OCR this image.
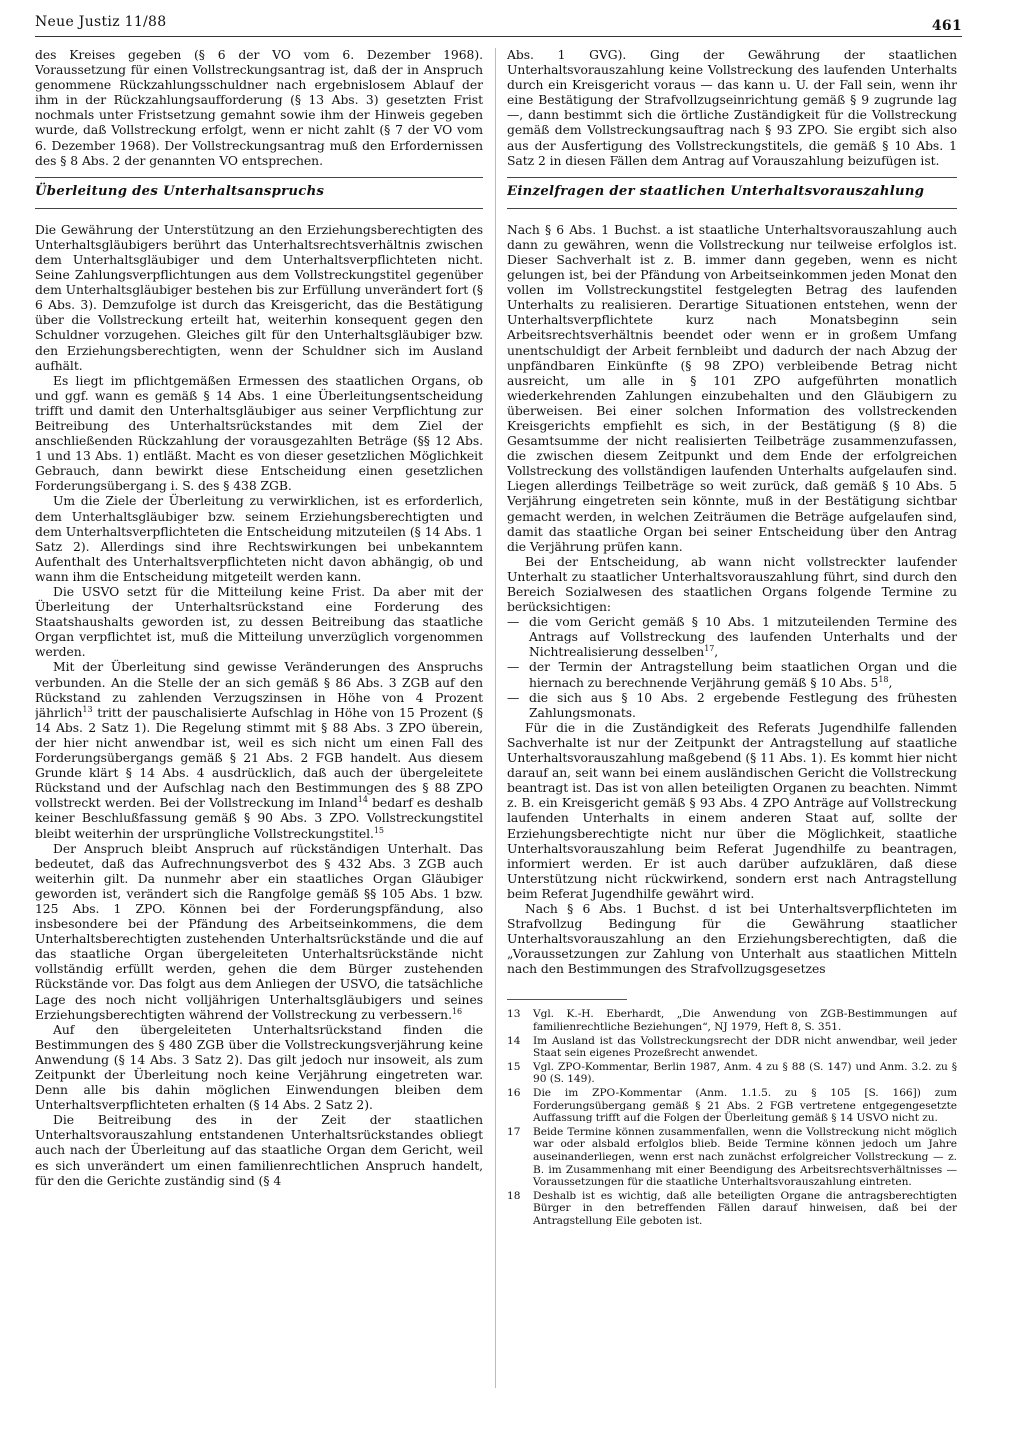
Neue Justiz 11/88	461

des Kreises gegeben (§ 6 der VO vom 6. Dezember 1968). Voraussetzung für einen Vollstreckungsantrag ist, daß der in Anspruch genommene Rückzahlungsschuldner nach ergebnislosem Ablauf der ihm in der Rückzahlungsaufforderung (§ 13 Abs. 3) gesetzten Frist nochmals unter Fristsetzung gemahnt sowie ihm der Hinweis gegeben wurde, daß Vollstreckung erfolgt, wenn er nicht zahlt (§ 7 der VO vom 6. Dezember 1968). Der Vollstreckungsantrag muß den Erfordernissen des § 8 Abs. 2 der genannten VO entsprechen.

Überleitung des Unterhaltsanspruchs

Die Gewährung der Unterstützung an den Erziehungsberechtigten des Unterhaltsgläubigers berührt das Unterhaltsrechtsverhältnis zwischen dem Unterhaltsgläubiger und dem Unterhaltsverpflichteten nicht. Seine Zahlungsverpflichtungen aus dem Vollstreckungstitel gegenüber dem Unterhaltsgläubiger bestehen bis zur Erfüllung unverändert fort (§ 6 Abs. 3). Demzufolge ist durch das Kreisgericht, das die Bestätigung über die Vollstreckung erteilt hat, weiterhin konsequent gegen den Schuldner vorzugehen. Gleiches gilt für den Unterhaltsgläubiger bzw. den Erziehungsberechtigten, wenn der Schuldner sich im Ausland aufhält.

Es liegt im pflichtgemäßen Ermessen des staatlichen Organs, ob und ggf. wann es gemäß § 14 Abs. 1 eine Überleitungsentscheidung trifft und damit den Unterhaltsgläubiger aus seiner Verpflichtung zur Beitreibung des Unterhaltsrückstandes mit dem Ziel der anschließenden Rückzahlung der vorausgezahlten Beträge (§§ 12 Abs. 1 und 13 Abs. 1) entläßt. Macht es von dieser gesetzlichen Möglichkeit Gebrauch, dann bewirkt diese Entscheidung einen gesetzlichen Forderungsübergang i. S. des § 438 ZGB.

Um die Ziele der Überleitung zu verwirklichen, ist es erforderlich, dem Unterhaltsgläubiger bzw. seinem Erziehungsberechtigten und dem Unterhaltsverpflichteten die Entscheidung mitzuteilen (§ 14 Abs. 1 Satz 2). Allerdings sind ihre Rechtswirkungen bei unbekanntem Aufenthalt des Unterhaltsverpflichteten nicht davon abhängig, ob und wann ihm die Entscheidung mitgeteilt werden kann.

Die USVO setzt für die Mitteilung keine Frist. Da aber mit der Überleitung der Unterhaltsrückstand eine Forderung des Staatshaushalts geworden ist, zu dessen Beitreibung das staatliche Organ verpflichtet ist, muß die Mitteilung unverzüglich vorgenommen werden.

Mit der Überleitung sind gewisse Veränderungen des Anspruchs verbunden. An die Stelle der an sich gemäß § 86 Abs. 3 ZGB auf den Rückstand zu zahlenden Verzugszinsen in Höhe von 4 Prozent jährlich$^{13}$ tritt der pauschalisierte Aufschlag in Höhe von 15 Prozent (§ 14 Abs. 2 Satz 1). Die Regelung stimmt mit § 88 Abs. 3 ZPO überein, der hier nicht anwendbar ist, weil es sich nicht um einen Fall des Forderungsübergangs gemäß § 21 Abs. 2 FGB handelt. Aus diesem Grunde klärt § 14 Abs. 4 ausdrücklich, daß auch der übergeleitete Rückstand und der Aufschlag nach den Bestimmungen des § 88 ZPO vollstreckt werden. Bei der Vollstreckung im Inland$^{14}$ bedarf es deshalb keiner Beschlußfassung gemäß § 90 Abs. 3 ZPO. Vollstreckungstitel bleibt weiterhin der ursprüngliche Vollstreckungstitel.$^{15}$

Der Anspruch bleibt Anspruch auf rückständigen Unterhalt. Das bedeutet, daß das Aufrechnungsverbot des § 432 Abs. 3 ZGB auch weiterhin gilt. Da nunmehr aber ein staatliches Organ Gläubiger geworden ist, verändert sich die Rangfolge gemäß §§ 105 Abs. 1 bzw. 125 Abs. 1 ZPO. Können bei der Forderungspfändung, also insbesondere bei der Pfändung des Arbeitseinkommens, die dem Unterhaltsberechtigten zustehenden Unterhaltsrückstände und die auf das staatliche Organ übergeleiteten Unterhaltsrückstände nicht vollständig erfüllt werden, gehen die dem Bürger zustehenden Rückstände vor. Das folgt aus dem Anliegen der USVO, die tatsächliche Lage des noch nicht volljährigen Unterhaltsgläubigers und seines Erziehungsberechtigten während der Vollstreckung zu verbessern.$^{16}$

Auf den übergeleiteten Unterhaltsrückstand finden die Bestimmungen des § 480 ZGB über die Vollstreckungsverjährung keine Anwendung (§ 14 Abs. 3 Satz 2). Das gilt jedoch nur insoweit, als zum Zeitpunkt der Überleitung noch keine Verjährung eingetreten war. Denn alle bis dahin möglichen Einwendungen bleiben dem Unterhaltsverpflichteten erhalten (§ 14 Abs. 2 Satz 2).

Die Beitreibung des in der Zeit der staatlichen Unterhaltsvorauszahlung entstandenen Unterhaltsrückstandes obliegt auch nach der Überleitung auf das staatliche Organ dem Gericht, weil es sich unverändert um einen familienrechtlichen Anspruch handelt, für den die Gerichte zuständig sind (§ 4

Abs. 1 GVG). Ging der Gewährung der staatlichen Unterhaltsvorauszahlung keine Vollstreckung des laufenden Unterhalts durch ein Kreisgericht voraus — das kann u. U. der Fall sein, wenn ihr eine Bestätigung der Strafvollzugseinrichtung gemäß § 9 zugrunde lag —, dann bestimmt sich die örtliche Zuständigkeit für die Vollstreckung gemäß dem Vollstreckungsauftrag nach § 93 ZPO. Sie ergibt sich also aus der Ausfertigung des Vollstreckungstitels, die gemäß § 10 Abs. 1 Satz 2 in diesen Fällen dem Antrag auf Vorauszahlung beizufügen ist.

Einzelfragen der staatlichen Unterhaltsvorauszahlung

Nach § 6 Abs. 1 Buchst. a ist staatliche Unterhaltsvorauszahlung auch dann zu gewähren, wenn die Vollstreckung nur teilweise erfolglos ist. Dieser Sachverhalt ist z. B. immer dann gegeben, wenn es nicht gelungen ist, bei der Pfändung von Arbeitseinkommen jeden Monat den vollen im Vollstreckungstitel festgelegten Betrag des laufenden Unterhalts zu realisieren. Derartige Situationen entstehen, wenn der Unterhaltsverpflichtete kurz nach Monatsbeginn sein Arbeitsrechtsverhältnis beendet oder wenn er in großem Umfang unentschuldigt der Arbeit fernbleibt und dadurch der nach Abzug der unpfändbaren Einkünfte (§ 98 ZPO) verbleibende Betrag nicht ausreicht, um alle in § 101 ZPO aufgeführten monatlich wiederkehrenden Zahlungen einzubehalten und den Gläubigern zu überweisen. Bei einer solchen Information des vollstreckenden Kreisgerichts empfiehlt es sich, in der Bestätigung (§ 8) die Gesamtsumme der nicht realisierten Teilbeträge zusammenzufassen, die zwischen diesem Zeitpunkt und dem Ende der erfolgreichen Vollstreckung des vollständigen laufenden Unterhalts aufgelaufen sind. Liegen allerdings Teilbeträge so weit zurück, daß gemäß § 10 Abs. 5 Verjährung eingetreten sein könnte, muß in der Bestätigung sichtbar gemacht werden, in welchen Zeiträumen die Beträge aufgelaufen sind, damit das staatliche Organ bei seiner Entscheidung über den Antrag die Verjährung prüfen kann.

Bei der Entscheidung, ab wann nicht vollstreckter laufender Unterhalt zu staatlicher Unterhaltsvorauszahlung führt, sind durch den Bereich Sozialwesen des staatlichen Organs folgende Termine zu berücksichtigen:

— die vom Gericht gemäß § 10 Abs. 1 mitzuteilenden Termine des Antrags auf Vollstreckung des laufenden Unterhalts und der Nichtrealisierung desselben$^{17}$,
— der Termin der Antragstellung beim staatlichen Organ und die hiernach zu berechnende Verjährung gemäß § 10 Abs. $5^{18}$,
— die sich aus § 10 Abs. 2 ergebende Festlegung des frühesten Zahlungsmonats.

Für die in die Zuständigkeit des Referats Jugendhilfe fallenden Sachverhalte ist nur der Zeitpunkt der Antragstellung auf staatliche Unterhaltsvorauszahlung maßgebend (§ 11 Abs. 1). Es kommt hier nicht darauf an, seit wann bei einem ausländischen Gericht die Vollstreckung beantragt ist. Das ist von allen beteiligten Organen zu beachten. Nimmt z. B. ein Kreisgericht gemäß § 93 Abs. 4 ZPO Anträge auf Vollstreckung laufenden Unterhalts in einem anderen Staat auf, sollte der Erziehungsberechtigte nicht nur über die Möglichkeit, staatliche Unterhaltsvorauszahlung beim Referat Jugendhilfe zu beantragen, informiert werden. Er ist auch darüber aufzuklären, daß diese Unterstützung nicht rückwirkend, sondern erst nach Antragstellung beim Referat Jugendhilfe gewährt wird.

Nach § 6 Abs. 1 Buchst. d ist bei Unterhaltsverpflichteten im Strafvollzug Bedingung für die Gewährung staatlicher Unterhaltsvorauszahlung an den Erziehungsberechtigten, daß die „Voraussetzungen zur Zahlung von Unterhalt aus staatlichen Mitteln nach den Bestimmungen des Strafvollzugsgesetzes

13	Vgl. K.-H. Eberhardt, „Die Anwendung von ZGB-Bestimmungen auf familienrechtliche Beziehungen“, NJ 1979, Heft 8, S. 351.
14	Im Ausland ist das Vollstreckungsrecht der DDR nicht anwendbar, weil jeder Staat sein eigenes Prozeßrecht anwendet.
15	Vgl. ZPO-Kommentar, Berlin 1987, Anm. 4 zu § 88 (S. 147) und Anm. 3.2. zu § 90 (S. 149).
16	Die im ZPO-Kommentar (Anm. 1.1.5. zu § 105 [S. 166]) zum Forderungsübergang gemäß § 21 Abs. 2 FGB vertretene entgegengesetzte Auffassung trifft auf die Folgen der Überleitung gemäß § 14 USVO nicht zu.
17	Beide Termine können zusammenfallen, wenn die Vollstreckung nicht möglich war oder alsbald erfolglos blieb. Beide Termine können jedoch um Jahre auseinanderliegen, wenn erst nach zunächst erfolgreicher Vollstreckung — z. B. im Zusammenhang mit einer Beendigung des Arbeitsrechtsverhältnisses — Voraussetzungen für die staatliche Unterhaltsvorauszahlung eintreten.
18	Deshalb ist es wichtig, daß alle beteiligten Organe die antragsberechtigten Bürger in den betreffenden Fällen darauf hinweisen, daß bei der Antragstellung Eile geboten ist.
